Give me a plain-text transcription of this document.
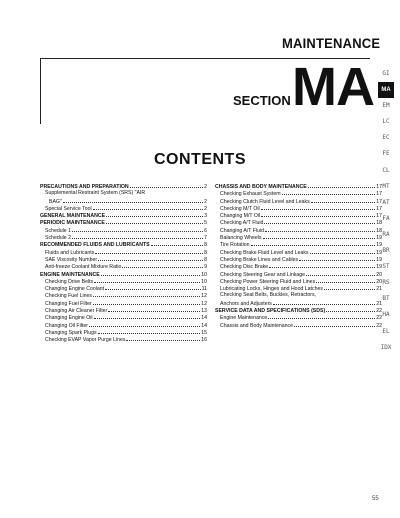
MAINTENANCE
SECTION MA
CONTENTS
PRECAUTIONS AND PREPARATION	2
Supplemental Restraint System (SRS) "AIR
BAG"	2
Special Service Tool	2
GENERAL MAINTENANCE	3
PERIODIC MAINTENANCE	5
Schedule 1	6
Schedule 2	7
RECOMMENDED FLUIDS AND LUBRICANTS	8
Fluids and Lubricants	8
SAE Viscosity Number	8
Anti-freeze Coolant Mixture Ratio	9
ENGINE MAINTENANCE	10
Checking Drive Belts	10
Changing Engine Coolant	11
Checking Fuel Lines	12
Changing Fuel Filter	12
Changing Air Cleaner Filter	13
Changing Engine Oil	14
Changing Oil Filter	14
Changing Spark Plugs	15
Checking EVAP Vapor Purge Lines	16
CHASSIS AND BODY MAINTENANCE	17
Checking Exhaust System	17
Checking Clutch Fluid Level and Leaks	17
Checking M/T Oil	17
Changing M/T Oil	17
Checking A/T Fluid	18
Changing A/T Fluid	18
Balancing Wheels	19
Tire Rotation	19
Checking Brake Fluid Level and Leaks	19
Checking Brake Lines and Cables	19
Checking Disc Brake	19
Checking Steering Gear and Linkage	20
Checking Power Steering Fluid and Lines	20
Lubricating Locks, Hinges and Hood Latches	21
Checking Seat Belts, Buckles, Retractors,
Anchors and Adjusters	21
SERVICE DATA AND SPECIFICATIONS (SDS)	22
Engine Maintenance	22
Chassis and Body Maintenance	22
GI
MA
EM
LC
EC
FE
CL
MT
AT
FA
RA
BR
ST
RS
BT
HA
EL
IDX
55
